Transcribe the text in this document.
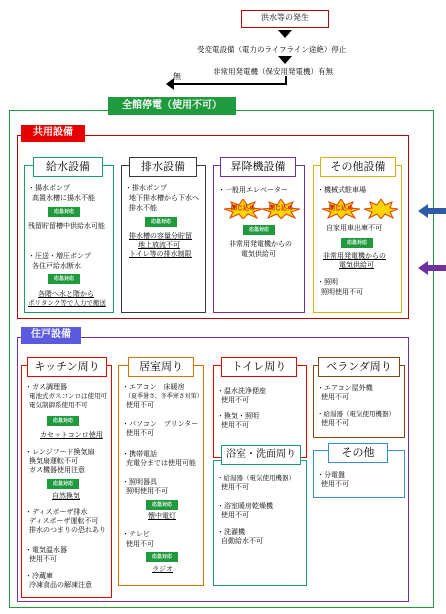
洪水等の発生
受変電設備（電力のライフライン途絶）停止
非常用発電機（保安用発電機）有無
無
全館停電（使用不可）
共用設備
給水設備
・揚水ポンプ
高置水槽に揚水不能
応急対応
残留貯留槽中供給水可能
・圧送・増圧ポンプ
各住戸給水断水
応急対応
各階へ水と階から
ポリタンク等で人力で搬送
排水設備
・排水ポンプ
地下排水槽から下水へ
排水不能
応急対応
排水槽の容量分貯留
地上放流不可
トイレ等の排水制限
昇降機設備
・一般用エレベーター
閉じ込め 閉じ込め
応急対応
非常用発電機からの
電気供給可
その他設備
・機械式駐車場
閉じ込め
自家用車出庫不可
応急対応
非常用発電機からの
電気供給可
・照明
照明使用不可
住戸設備
キッチン周り
・ガス調理器
電池式ガスコンロは使用可
電気制御系使用不可
応急対応
カセットコンロ使用
・レンジフード換気扇
換気扇運転不可
ガス機器使用注意
応急対応
自然換気
・ディスポーザ排水
ディスポーザ運転不可
排水のつまりの恐れあり
・電気温水器
使用不可
・冷蔵庫
冷凍食品の解凍注意
居室周り
・エアコン　床暖房
（夏季暑さ、冬季寒さ対策）
使用不可
・パソコン　プリンター
使用不可
・携帯電話
充電分までは使用可能
・照明器具
照明使用不可
応急対応
懐中電灯
・テレビ
使用不可
応急対応
ラジオ
トイレ周り
・温水洗浄便座
使用不可
・換気・照明
使用不可
浴室・洗面周り
・給湯器（電気使用機器）
使用不可
・浴室暖房乾燥機
使用不可
・洗濯機
自動給水不可
ベランダ周り
・エアコン屋外機
使用不可
・給湯器（電気使用機器）
使用不可
その他
・分電盤
使用不可
